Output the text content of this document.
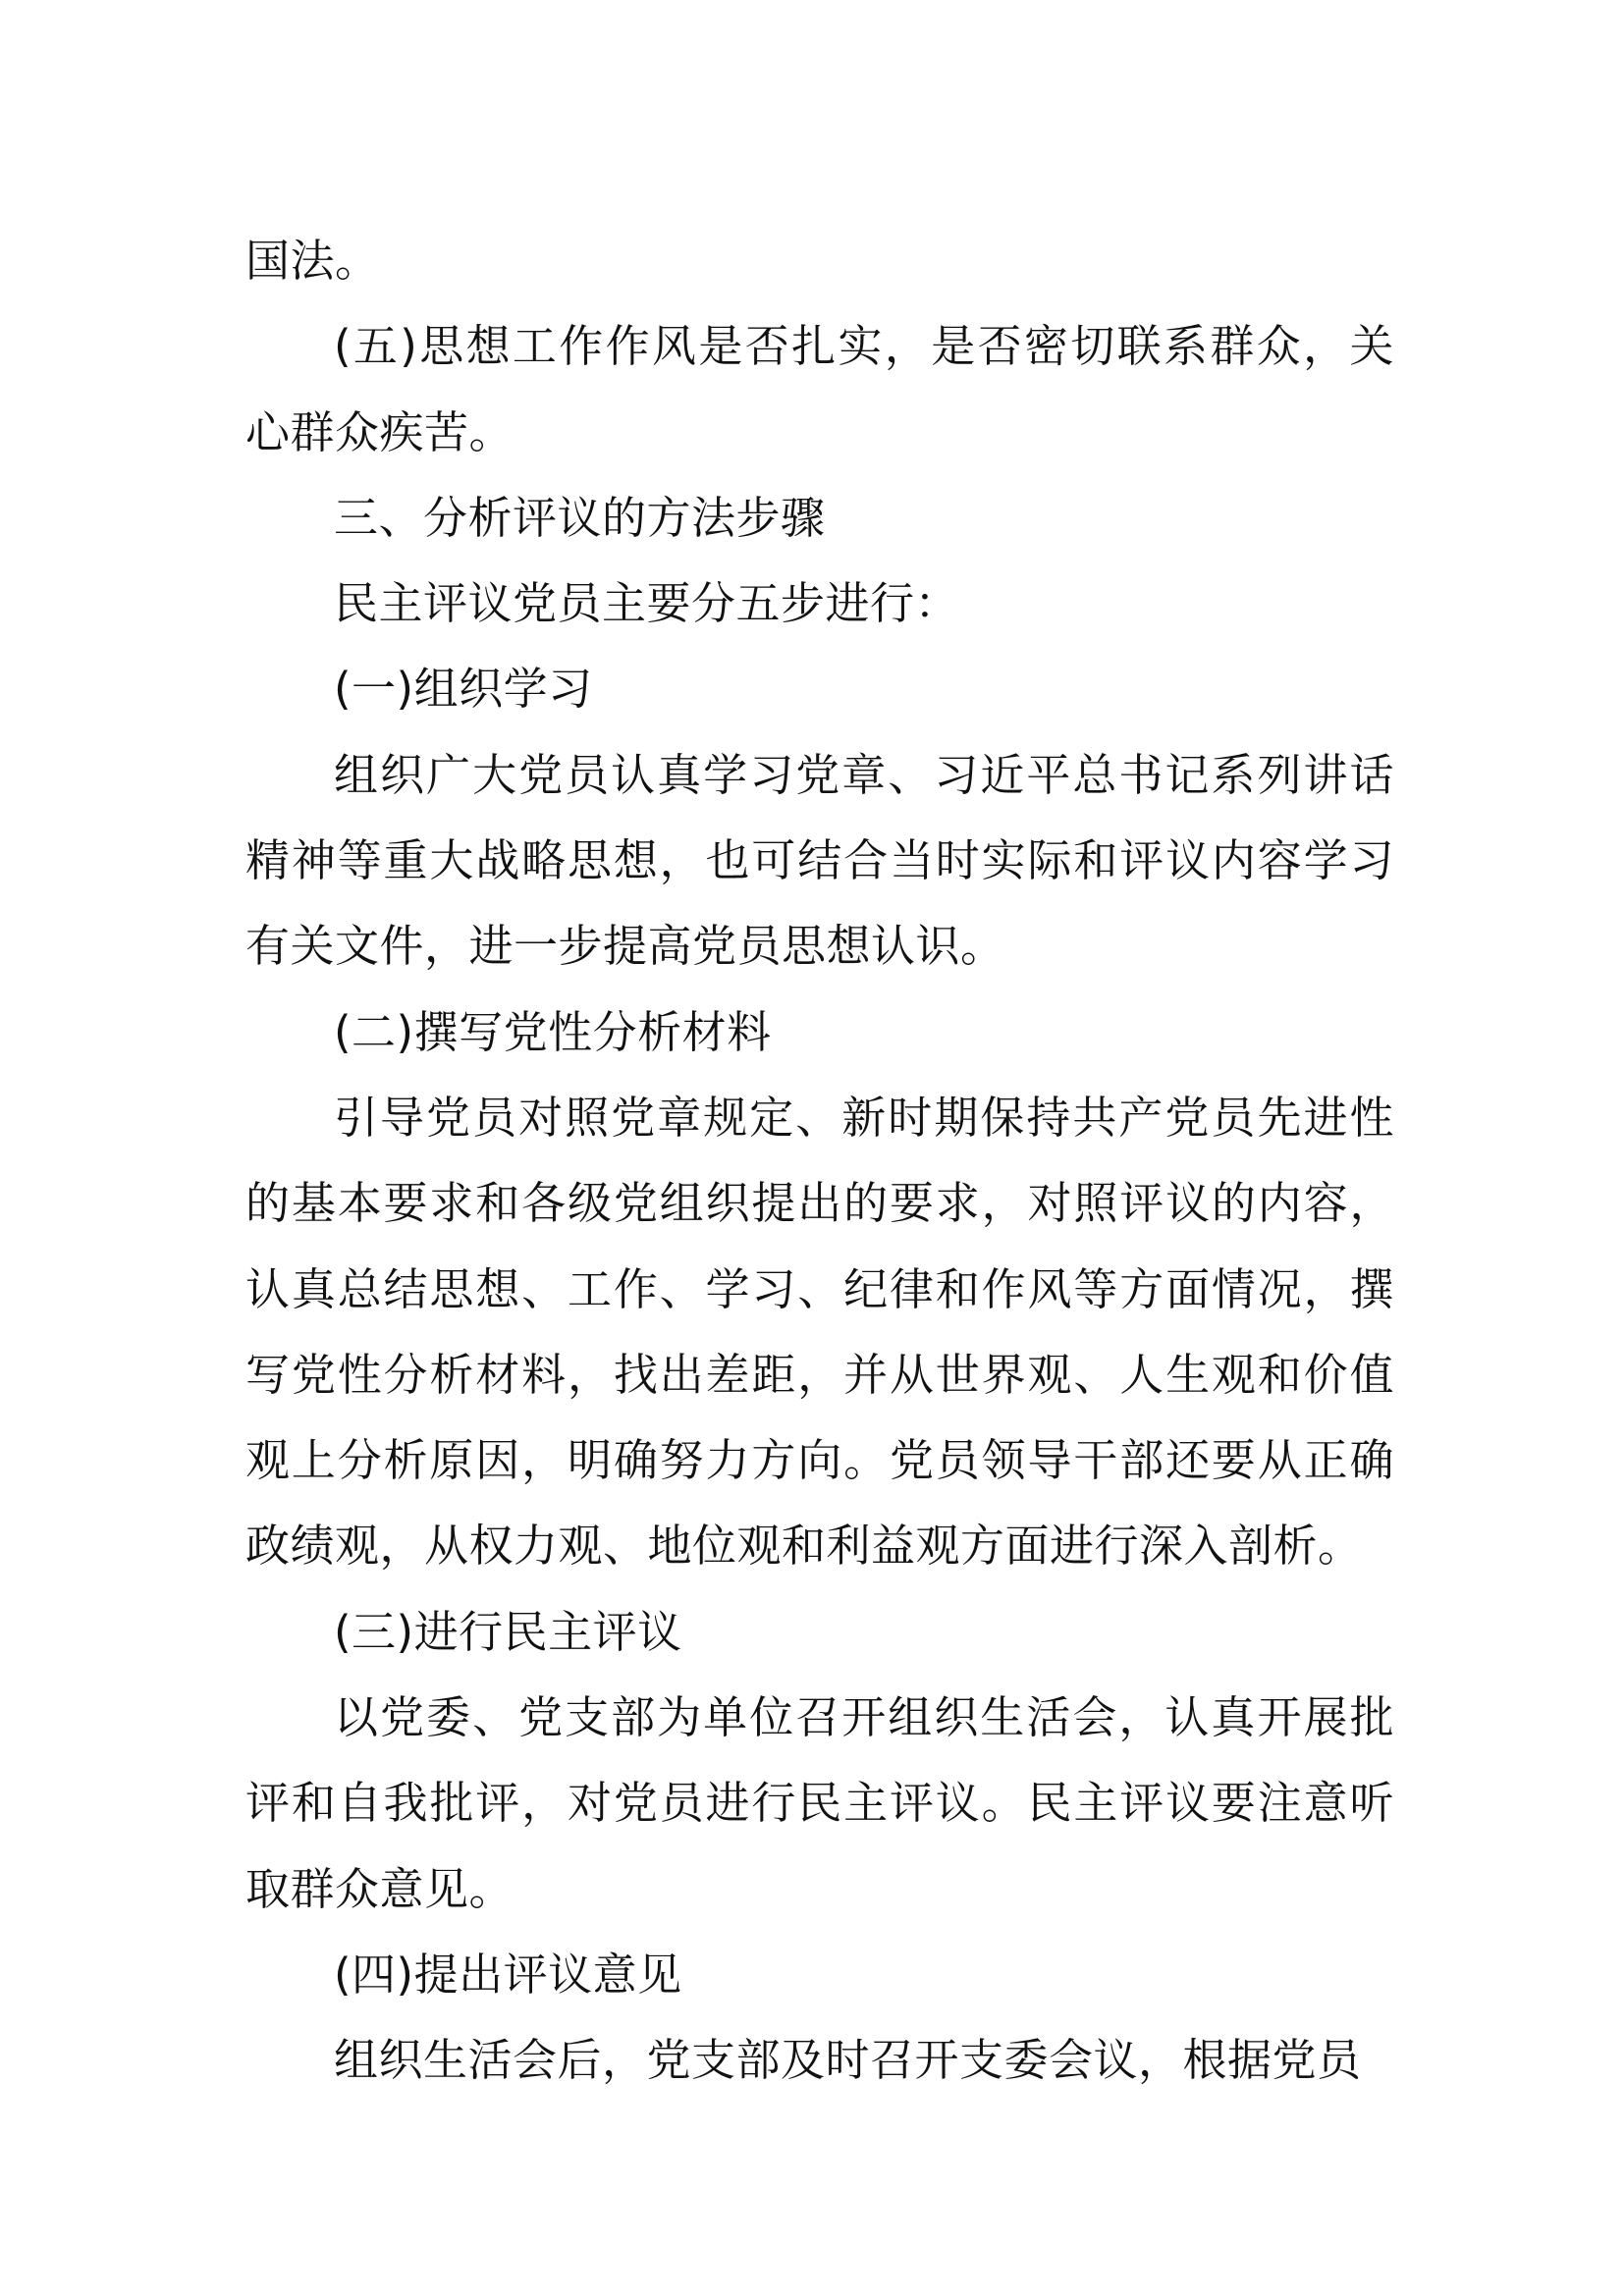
国法。

(五)思想工作作风是否扎实，是否密切联系群众，关心群众疾苦。

三、分析评议的方法步骤

民主评议党员主要分五步进行：

(一)组织学习

组织广大党员认真学习党章、习近平总书记系列讲话精神等重大战略思想，也可结合当时实际和评议内容学习有关文件，进一步提高党员思想认识。

(二)撰写党性分析材料

引导党员对照党章规定、新时期保持共产党员先进性的基本要求和各级党组织提出的要求，对照评议的内容，认真总结思想、工作、学习、纪律和作风等方面情况，撰写党性分析材料，找出差距，并从世界观、人生观和价值观上分析原因，明确努力方向。党员领导干部还要从正确政绩观，从权力观、地位观和利益观方面进行深入剖析。

(三)进行民主评议

以党委、党支部为单位召开组织生活会，认真开展批评和自我批评，对党员进行民主评议。民主评议要注意听取群众意见。

(四)提出评议意见

组织生活会后，党支部及时召开支委会议，根据党员
